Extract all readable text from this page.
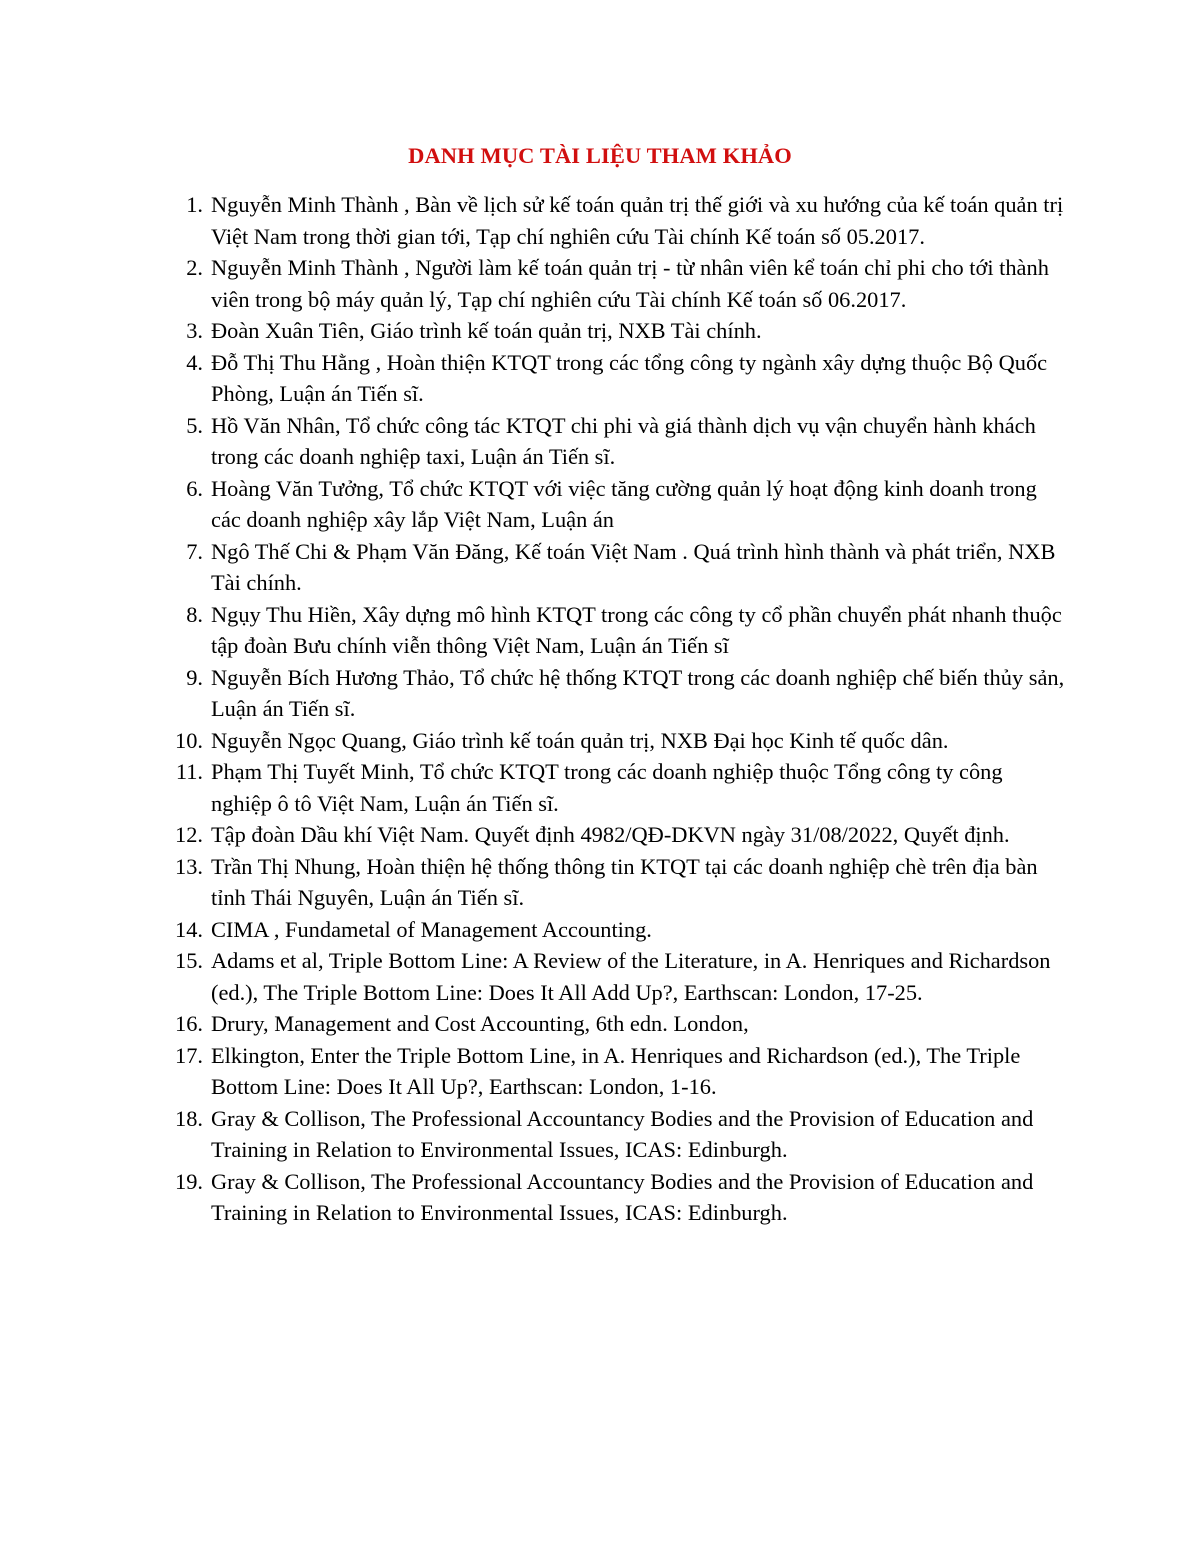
DANH MỤC TÀI LIỆU THAM KHẢO
1. Nguyễn Minh Thành , Bàn về lịch sử kế toán quản trị thế giới và xu hướng của kế toán quản trị Việt Nam trong thời gian tới, Tạp chí nghiên cứu Tài chính Kế toán số 05.2017.
2. Nguyễn Minh Thành , Người làm kế toán quản trị - từ nhân viên kể toán chỉ phi cho tới thành viên trong bộ máy quản lý, Tạp chí nghiên cứu Tài chính Kế toán số 06.2017.
3. Đoàn Xuân Tiên, Giáo trình kế toán quản trị, NXB Tài chính.
4. Đỗ Thị Thu Hằng , Hoàn thiện KTQT trong các tổng công ty ngành xây dựng thuộc Bộ Quốc Phòng, Luận án Tiến sĩ.
5. Hồ Văn Nhân, Tổ chức công tác KTQT chi phi và giá thành dịch vụ vận chuyển hành khách trong các doanh nghiệp taxi, Luận án Tiến sĩ.
6. Hoàng Văn Tưởng, Tổ chức KTQT với việc tăng cường quản lý hoạt động kinh doanh trong các doanh nghiệp xây lắp Việt Nam, Luận án
7. Ngô Thế Chi & Phạm Văn Đăng, Kế toán Việt Nam . Quá trình hình thành và phát triển, NXB Tài chính.
8. Ngụy Thu Hiền, Xây dựng mô hình KTQT trong các công ty cổ phần chuyển phát nhanh thuộc tập đoàn Bưu chính viễn thông Việt Nam, Luận án Tiến sĩ
9. Nguyễn Bích Hương Thảo, Tổ chức hệ thống KTQT trong các doanh nghiệp chế biến thủy sản, Luận án Tiến sĩ.
10. Nguyễn Ngọc Quang, Giáo trình kế toán quản trị, NXB Đại học Kinh tế quốc dân.
11. Phạm Thị Tuyết Minh, Tổ chức KTQT trong các doanh nghiệp thuộc Tổng công ty công nghiệp ô tô Việt Nam, Luận án Tiến sĩ.
12. Tập đoàn Dầu khí Việt Nam. Quyết định 4982/QĐ-DKVN ngày 31/08/2022, Quyết định.
13. Trần Thị Nhung, Hoàn thiện hệ thống thông tin KTQT tại các doanh nghiệp chè trên địa bàn tỉnh Thái Nguyên, Luận án Tiến sĩ.
14. CIMA , Fundametal of Management Accounting.
15. Adams et al, Triple Bottom Line: A Review of the Literature, in A. Henriques and Richardson (ed.), The Triple Bottom Line: Does It All Add Up?, Earthscan: London, 17-25.
16. Drury, Management and Cost Accounting, 6th edn. London,
17. Elkington, Enter the Triple Bottom Line, in A. Henriques and Richardson (ed.), The Triple Bottom Line: Does It All Up?, Earthscan: London, 1-16.
18. Gray & Collison, The Professional Accountancy Bodies and the Provision of Education and Training in Relation to Environmental Issues, ICAS: Edinburgh.
19. Gray & Collison, The Professional Accountancy Bodies and the Provision of Education and Training in Relation to Environmental Issues, ICAS: Edinburgh.
